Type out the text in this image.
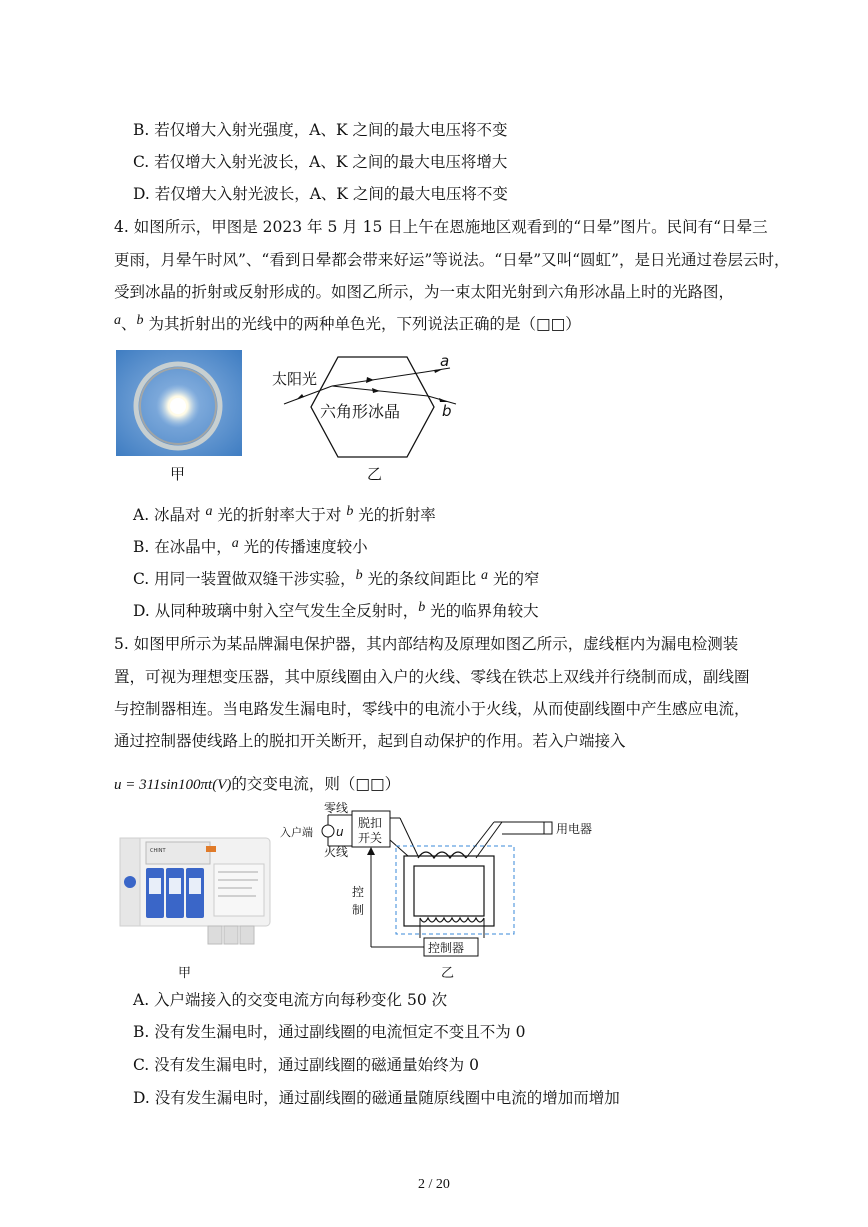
B. 若仅增大入射光强度，A、K 之间的最大电压将不变
C. 若仅增大入射光波长，A、K 之间的最大电压将增大
D. 若仅增大入射光波长，A、K 之间的最大电压将不变
4. 如图所示，甲图是 2023 年 5 月 15 日上午在恩施地区观看到的“日晕”图片。民间有“日晕三
更雨，月晕午时风”、“看到日晕都会带来好运”等说法。“日晕”又叫“圆虹”，是日光通过卷层云时，
受到冰晶的折射或反射形成的。如图乙所示，为一束太阳光射到六角形冰晶上时的光路图，
a、b 为其折射出的光线中的两种单色光，下列说法正确的是（□□）
甲
太阳光
六角形冰晶
a
b
乙
A. 冰晶对 a 光的折射率大于对 b 光的折射率
B. 在冰晶中，a 光的传播速度较小
C. 用同一装置做双缝干涉实验，b 光的条纹间距比 a 光的窄
D. 从同种玻璃中射入空气发生全反射时，b 光的临界角较大
5. 如图甲所示为某品牌漏电保护器，其内部结构及原理如图乙所示，虚线框内为漏电检测装
置，可视为理想变压器，其中原线圈由入户的火线、零线在铁芯上双线并行绕制而成，副线圈
与控制器相连。当电路发生漏电时，零线中的电流小于火线，从而使副线圈中产生感应电流，
通过控制器使线路上的脱扣开关断开，起到自动保护的作用。若入户端接入
u = 311sin100πt(V)的交变电流，则（□□）
CHINT
甲
零线
火线
入户端 u
脱扣
开关
用电器
控制器
控
制
乙
A. 入户端接入的交变电流方向每秒变化 50 次
B. 没有发生漏电时，通过副线圈的电流恒定不变且不为 0
C. 没有发生漏电时，通过副线圈的磁通量始终为 0
D. 没有发生漏电时，通过副线圈的磁通量随原线圈中电流的增加而增加
2 / 20
